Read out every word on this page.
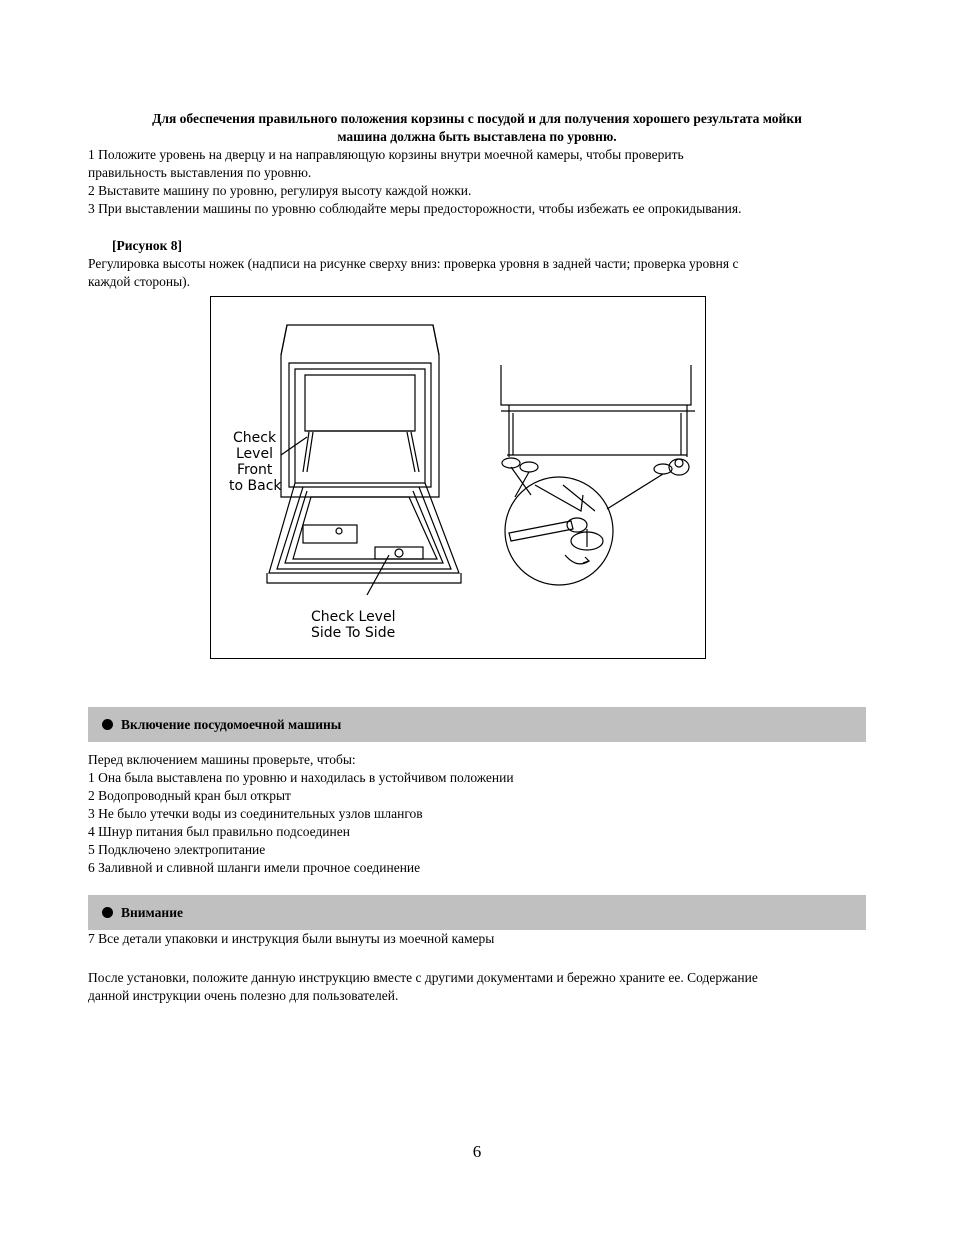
Для обеспечения правильного положения корзины с посудой и для получения хорошего результата мойки
машина должна быть выставлена по уровню.
1 Положите уровень на дверцу и на направляющую корзины внутри моечной камеры, чтобы проверить
правильность выставления по уровню.
2 Выставите машину по уровню, регулируя высоту каждой ножки.
3 При выставлении машины по уровню соблюдайте меры предосторожности, чтобы избежать ее опрокидывания.
[Рисунок 8]
Регулировка высоты ножек (надписи на рисунке сверху вниз: проверка уровня в задней части; проверка уровня с
каждой стороны).
Check
Level
Front
to Back
Check Level
Side To Side
Включение посудомоечной машины
Перед включением машины проверьте, чтобы:
1 Она была выставлена по уровню и находилась в устойчивом положении
2 Водопроводный кран был открыт
3 Не было утечки воды из соединительных узлов шлангов
4 Шнур питания был правильно подсоединен
5 Подключено электропитание
6 Заливной и сливной шланги имели прочное соединение
Внимание
7 Все детали упаковки и инструкция были вынуты из моечной камеры
После установки, положите данную инструкцию вместе с другими документами и бережно храните ее. Содержание
данной инструкции очень полезно для пользователей.
6
